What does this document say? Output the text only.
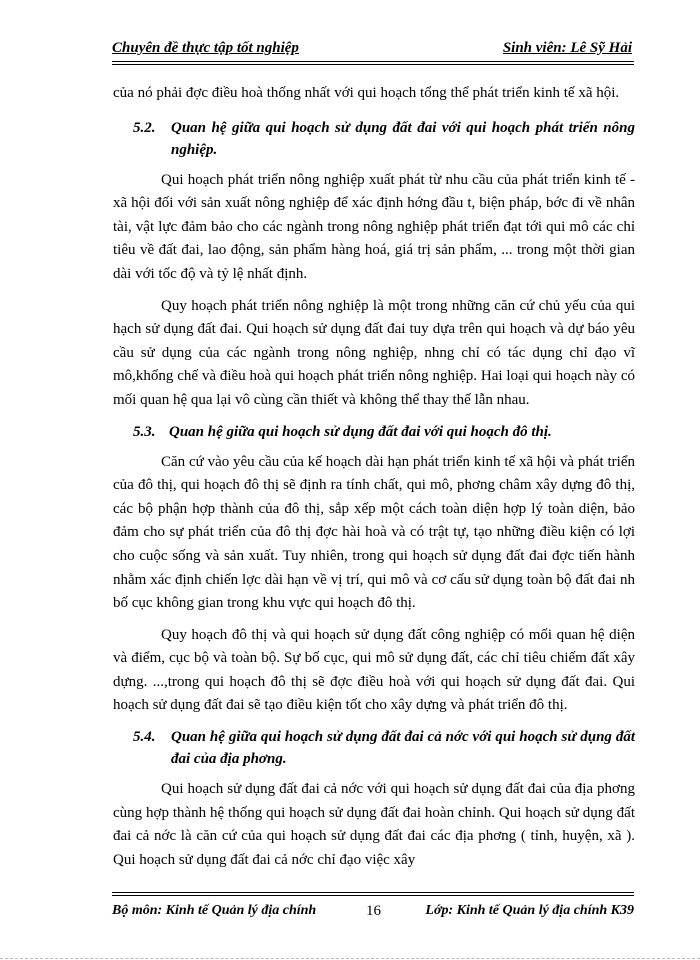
Chuyên đề thực tập tốt nghiệp	Sinh viên: Lê Sỹ Hải

của nó phải đợc điều hoà thống nhất với qui hoạch tổng thể phát triển kinh tế xã hội.

5.2.	Quan hệ giữa qui hoạch sử dụng đất đai với qui hoạch phát triển nông nghiệp.

Qui hoạch phát triển nông nghiệp xuất phát từ nhu cầu của phát triển kinh tế - xã hội đối với sản xuất nông nghiệp để xác định hớng đầu t, biện pháp, bớc đi về nhân tài, vật lực đảm bảo cho các ngành trong nông nghiệp phát triển đạt tới qui mô các chỉ tiêu về đất đai, lao động, sản phẩm hàng hoá, giá trị sản phẩm, ... trong một thời gian dài với tốc độ và tỷ lệ nhất định.

Quy hoạch phát triển nông nghiệp là một trong những căn cứ chủ yếu của qui hạch sử dụng đất đai. Qui hoạch sử dụng đất đai tuy dựa trên qui hoạch và dự báo yêu cầu sử dụng của các ngành trong nông nghiệp, nhng chỉ có tác dụng chỉ đạo vĩ mô,khống chế và điều hoà qui hoạch phát triển nông nghiệp. Hai loại qui hoạch này có mối quan hệ qua lại vô cùng cần thiết và không thể thay thế lẫn nhau.

5.3. Quan hệ giữa qui hoạch sử dụng đất đai với qui hoạch đô thị.

Căn cứ vào yêu cầu của kế hoạch dài hạn phát triển kinh tế xã hội và phát triển của đô thị, qui hoạch đô thị sẽ định ra tính chất, qui mô, phơng châm xây dựng đô thị, các bộ phận hợp thành của đô thị, sắp xếp một cách toàn diện hợp lý toàn diện, bảo đảm cho sự phát triển của đô thị đợc hài hoà và có trật tự, tạo những điều kiện có lợi cho cuộc sống và sản xuất. Tuy nhiên, trong qui hoạch sử dụng đất đai đợc tiến hành nhằm xác định chiến lợc dài hạn về vị trí, qui mô và cơ cấu sử dụng toàn bộ đất đai nh bố cục không gian trong khu vực qui hoạch đô thị.

Quy hoạch đô thị và qui hoạch sử dụng đất công nghiệp có mối quan hệ diện và điểm, cục bộ và toàn bộ. Sự bố cục, qui mô sử dụng đất, các chỉ tiêu chiếm đất xây dựng. ...,trong qui hoạch đô thị sẽ đợc điều hoà với qui hoạch sử dụng đất đai. Qui hoạch sử dụng đất đai sẽ tạo điều kiện tốt cho xây dựng và phát triển đô thị.

5.4.	Quan hệ giữa qui hoạch sử dụng đất đai cả nớc với qui hoạch sử dụng đất đai của địa phơng.

Qui hoạch sử dụng đất đai cả nớc với qui hoạch sử dụng đất đai của địa phơng cùng hợp thành hệ thống qui hoạch sử dụng đất đai hoàn chỉnh. Qui hoạch sử dụng đất đai cả nớc là căn cứ của qui hoạch sử dụng đất đai các địa phơng ( tỉnh, huyện, xã ). Qui hoạch sử dụng đất đai cả nớc chỉ đạo việc xây

Bộ môn: Kinh tế Quản lý địa chính	16	Lớp: Kinh tế Quản lý địa chính K39
